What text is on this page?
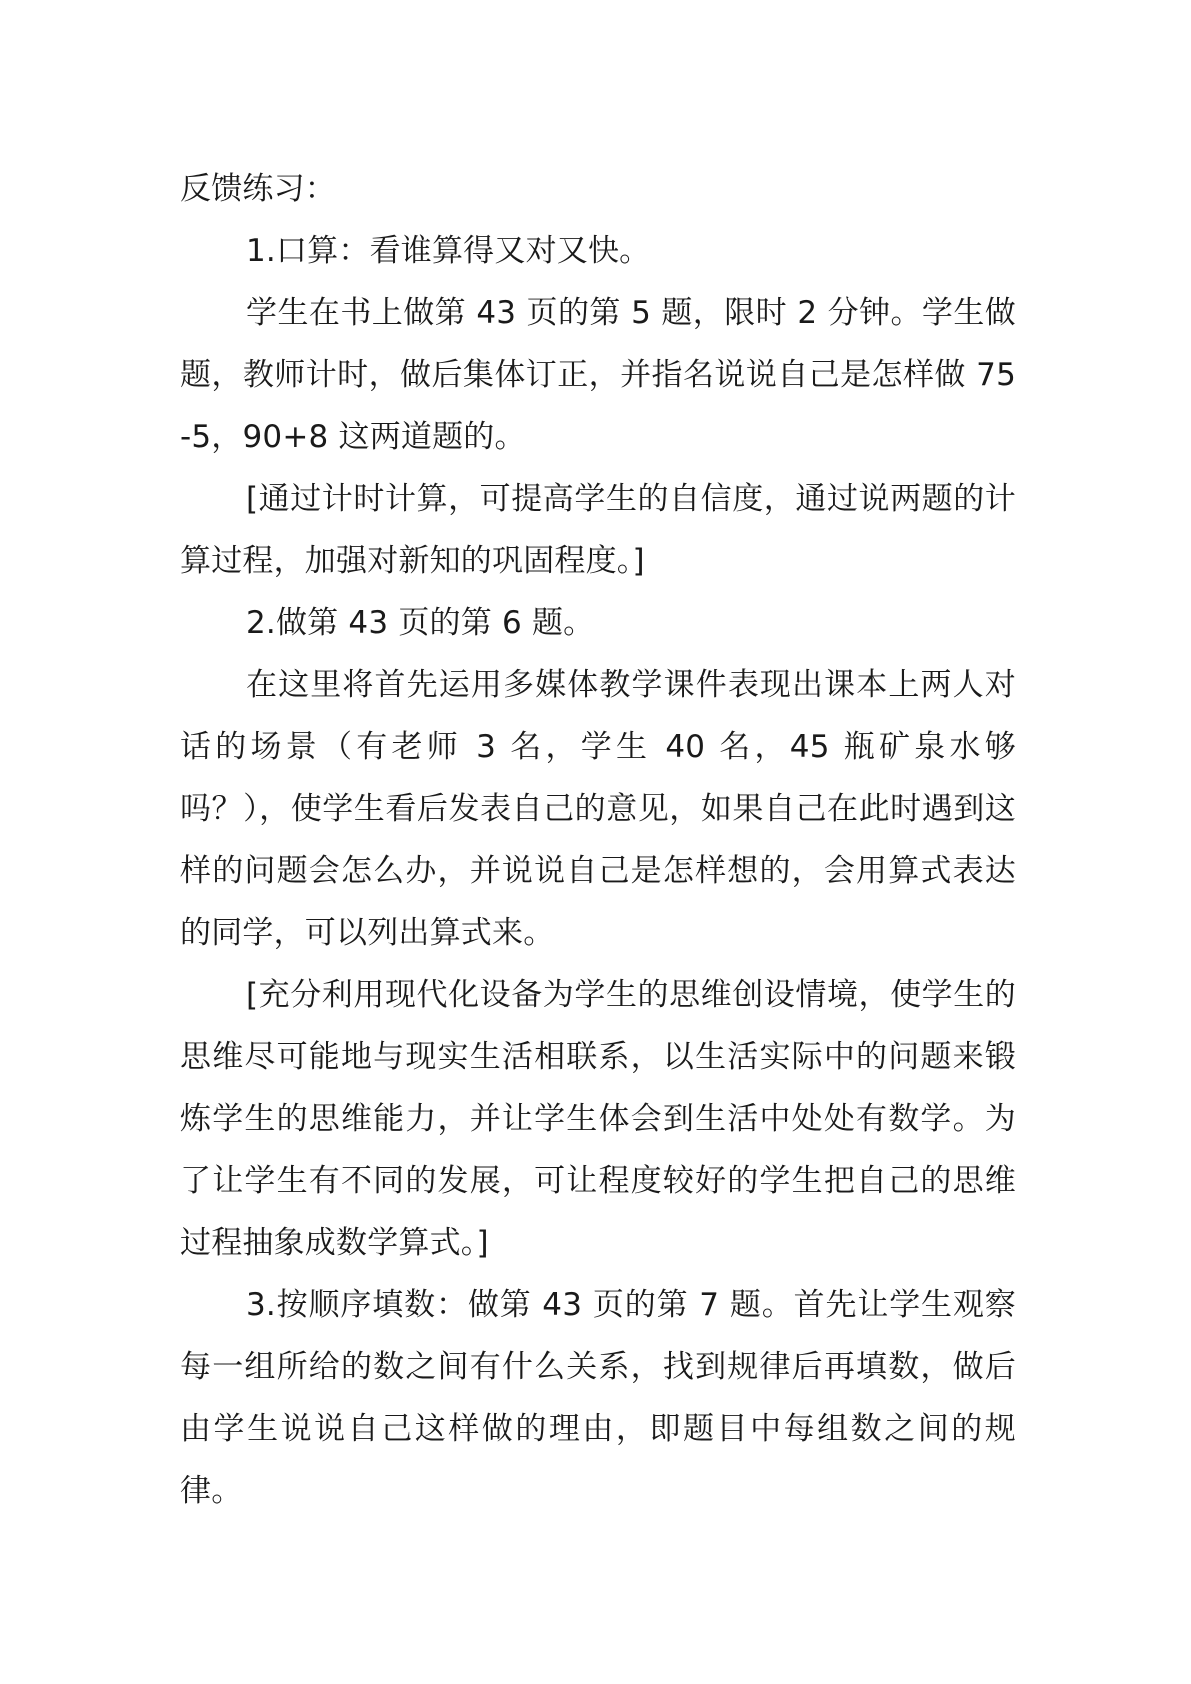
反馈练习：

1.口算：看谁算得又对又快。

学生在书上做第 43 页的第 5 题，限时 2 分钟。学生做题，教师计时，做后集体订正，并指名说说自己是怎样做 75-5，90+8 这两道题的。

[通过计时计算，可提高学生的自信度，通过说两题的计算过程，加强对新知的巩固程度。]

2.做第 43 页的第 6 题。

在这里将首先运用多媒体教学课件表现出课本上两人对话的场景（有老师 3 名，学生 40 名，45 瓶矿泉水够吗？），使学生看后发表自己的意见，如果自己在此时遇到这样的问题会怎么办，并说说自己是怎样想的，会用算式表达的同学，可以列出算式来。

[充分利用现代化设备为学生的思维创设情境，使学生的思维尽可能地与现实生活相联系，以生活实际中的问题来锻炼学生的思维能力，并让学生体会到生活中处处有数学。为了让学生有不同的发展，可让程度较好的学生把自己的思维过程抽象成数学算式。]

3.按顺序填数：做第 43 页的第 7 题。首先让学生观察每一组所给的数之间有什么关系，找到规律后再填数，做后由学生说说自己这样做的理由，即题目中每组数之间的规律。
